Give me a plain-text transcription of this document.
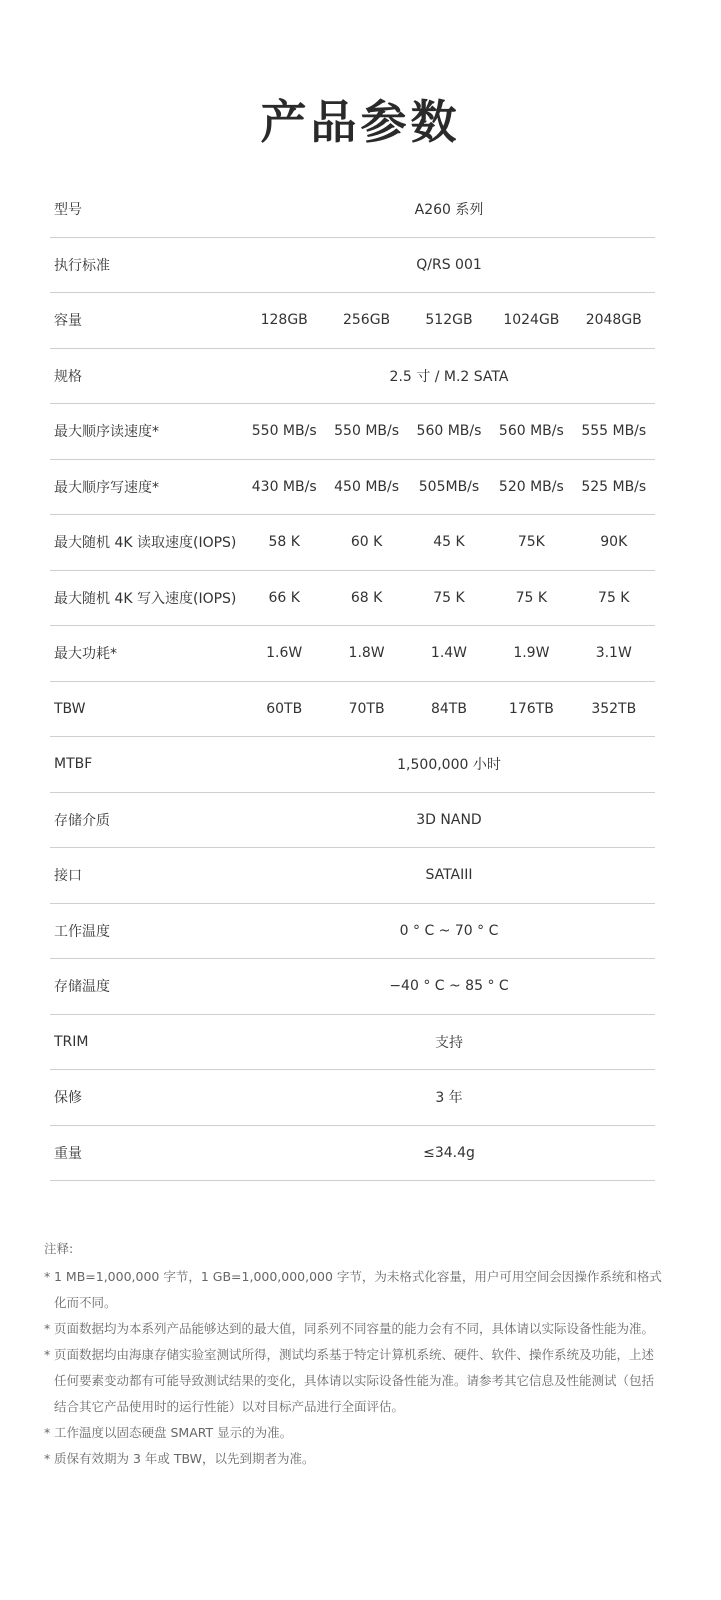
产品参数
型号	A260 系列
执行标准	Q/RS 001
容量	128GB	256GB	512GB	1024GB	2048GB
规格	2.5 寸 / M.2 SATA
最大顺序读速度*	550 MB/s	550 MB/s	560 MB/s	560 MB/s	555 MB/s
最大顺序写速度*	430 MB/s	450 MB/s	505MB/s	520 MB/s	525 MB/s
最大随机 4K 读取速度(IOPS)	58 K	60 K	45 K	75K	90K
最大随机 4K 写入速度(IOPS)	66 K	68 K	75 K	75 K	75 K
最大功耗*	1.6W	1.8W	1.4W	1.9W	3.1W
TBW	60TB	70TB	84TB	176TB	352TB
MTBF	1,500,000 小时
存储介质	3D NAND
接口	SATAIII
工作温度	0 ° C ~ 70 ° C
存储温度	−40 ° C ~ 85 ° C
TRIM	支持
保修	3 年
重量	≤34.4g
注释:
* 1 MB=1,000,000 字节，1 GB=1,000,000,000 字节，为未格式化容量，用户可用空间会因操作系统和格式化而不同。
* 页面数据均为本系列产品能够达到的最大值，同系列不同容量的能力会有不同，具体请以实际设备性能为准。
* 页面数据均由海康存储实验室测试所得，测试均系基于特定计算机系统、硬件、软件、操作系统及功能，上述任何要素变动都有可能导致测试结果的变化，具体请以实际设备性能为准。请参考其它信息及性能测试（包括结合其它产品使用时的运行性能）以对目标产品进行全面评估。
* 工作温度以固态硬盘 SMART 显示的为准。
* 质保有效期为 3 年或 TBW，以先到期者为准。
